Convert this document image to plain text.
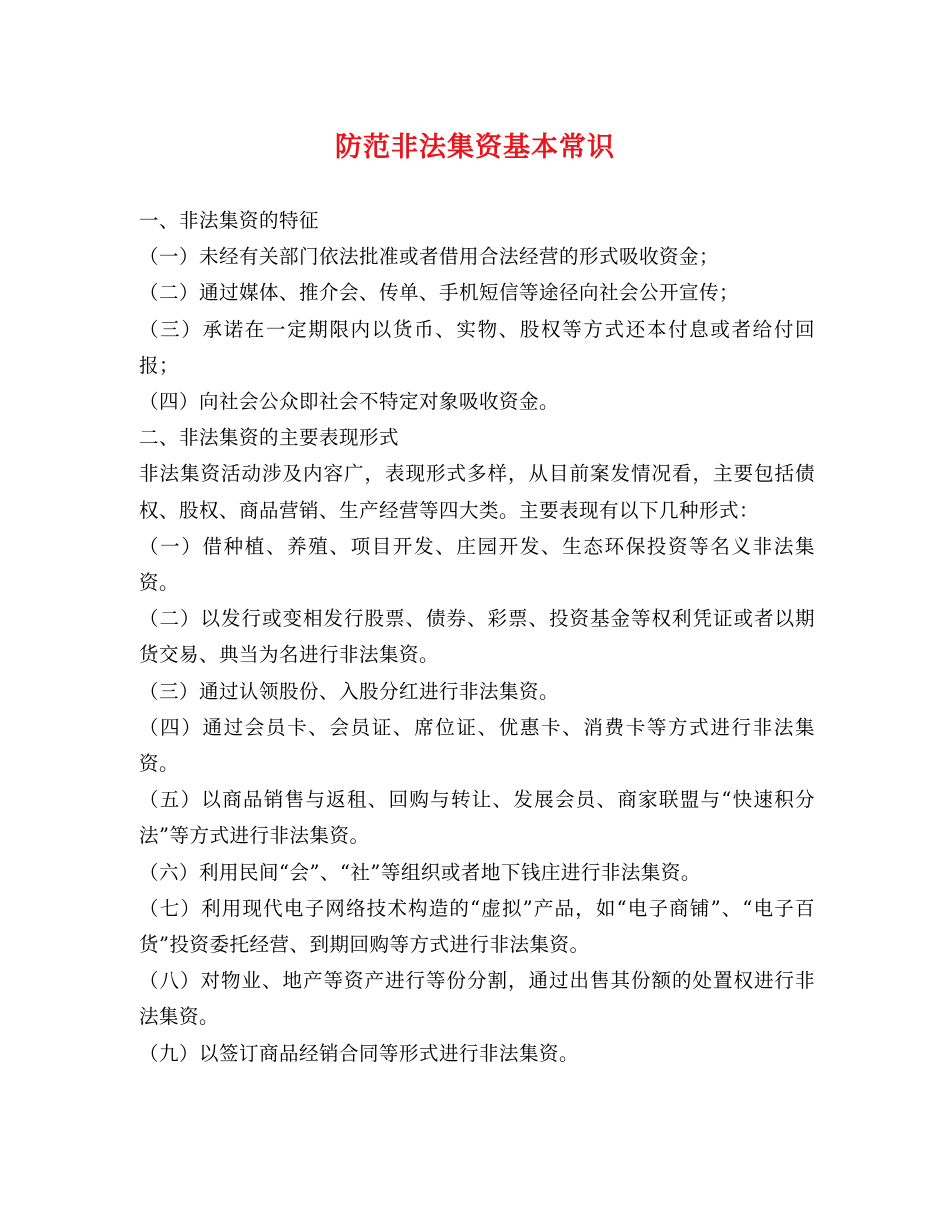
防范非法集资基本常识

一、非法集资的特征

（一）未经有关部门依法批准或者借用合法经营的形式吸收资金；

（二）通过媒体、推介会、传单、手机短信等途径向社会公开宣传；

（三）承诺在一定期限内以货币、实物、股权等方式还本付息或者给付回报；

（四）向社会公众即社会不特定对象吸收资金。

二、非法集资的主要表现形式

非法集资活动涉及内容广，表现形式多样，从目前案发情况看，主要包括债权、股权、商品营销、生产经营等四大类。主要表现有以下几种形式：

（一）借种植、养殖、项目开发、庄园开发、生态环保投资等名义非法集资。

（二）以发行或变相发行股票、债券、彩票、投资基金等权利凭证或者以期货交易、典当为名进行非法集资。

（三）通过认领股份、入股分红进行非法集资。

（四）通过会员卡、会员证、席位证、优惠卡、消费卡等方式进行非法集资。

（五）以商品销售与返租、回购与转让、发展会员、商家联盟与“快速积分法”等方式进行非法集资。

（六）利用民间“会”、“社”等组织或者地下钱庄进行非法集资。

（七）利用现代电子网络技术构造的“虚拟”产品，如“电子商铺”、“电子百货”投资委托经营、到期回购等方式进行非法集资。

（八）对物业、地产等资产进行等份分割，通过出售其份额的处置权进行非法集资。

（九）以签订商品经销合同等形式进行非法集资。
